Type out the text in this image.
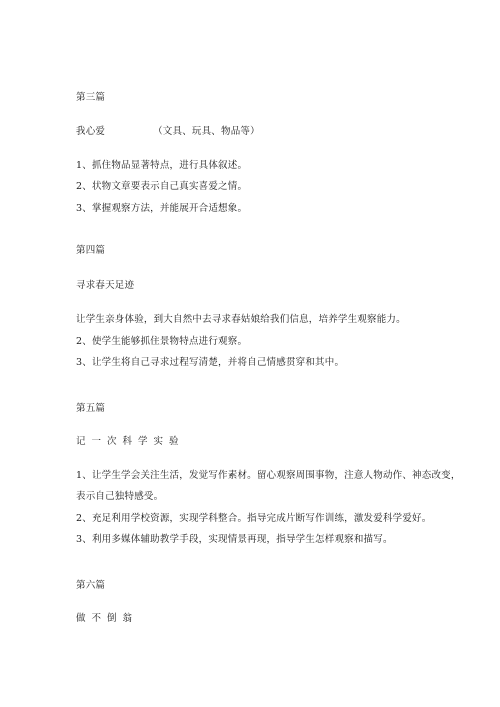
第三篇
我心爱	（文具、玩具、物品等）
1、抓住物品显著特点，进行具体叙述。
2、状物文章要表示自己真实喜爱之情。
3、掌握观察方法，并能展开合适想象。
第四篇
寻求春天足迹
让学生亲身体验，到大自然中去寻求春姑娘给我们信息，培养学生观察能力。
2、使学生能够抓住景物特点进行观察。
3、让学生将自己寻求过程写清楚，并将自己情感贯穿和其中。
第五篇
记一次科学实验
1、让学生学会关注生活，发觉写作素材。留心观察周围事物，注意人物动作、神态改变，
表示自己独特感受。
2、充足利用学校资源，实现学科整合。指导完成片断写作训练，激发爱科学爱好。
3、利用多媒体辅助教学手段，实现情景再现，指导学生怎样观察和描写。
第六篇
做不倒翁
